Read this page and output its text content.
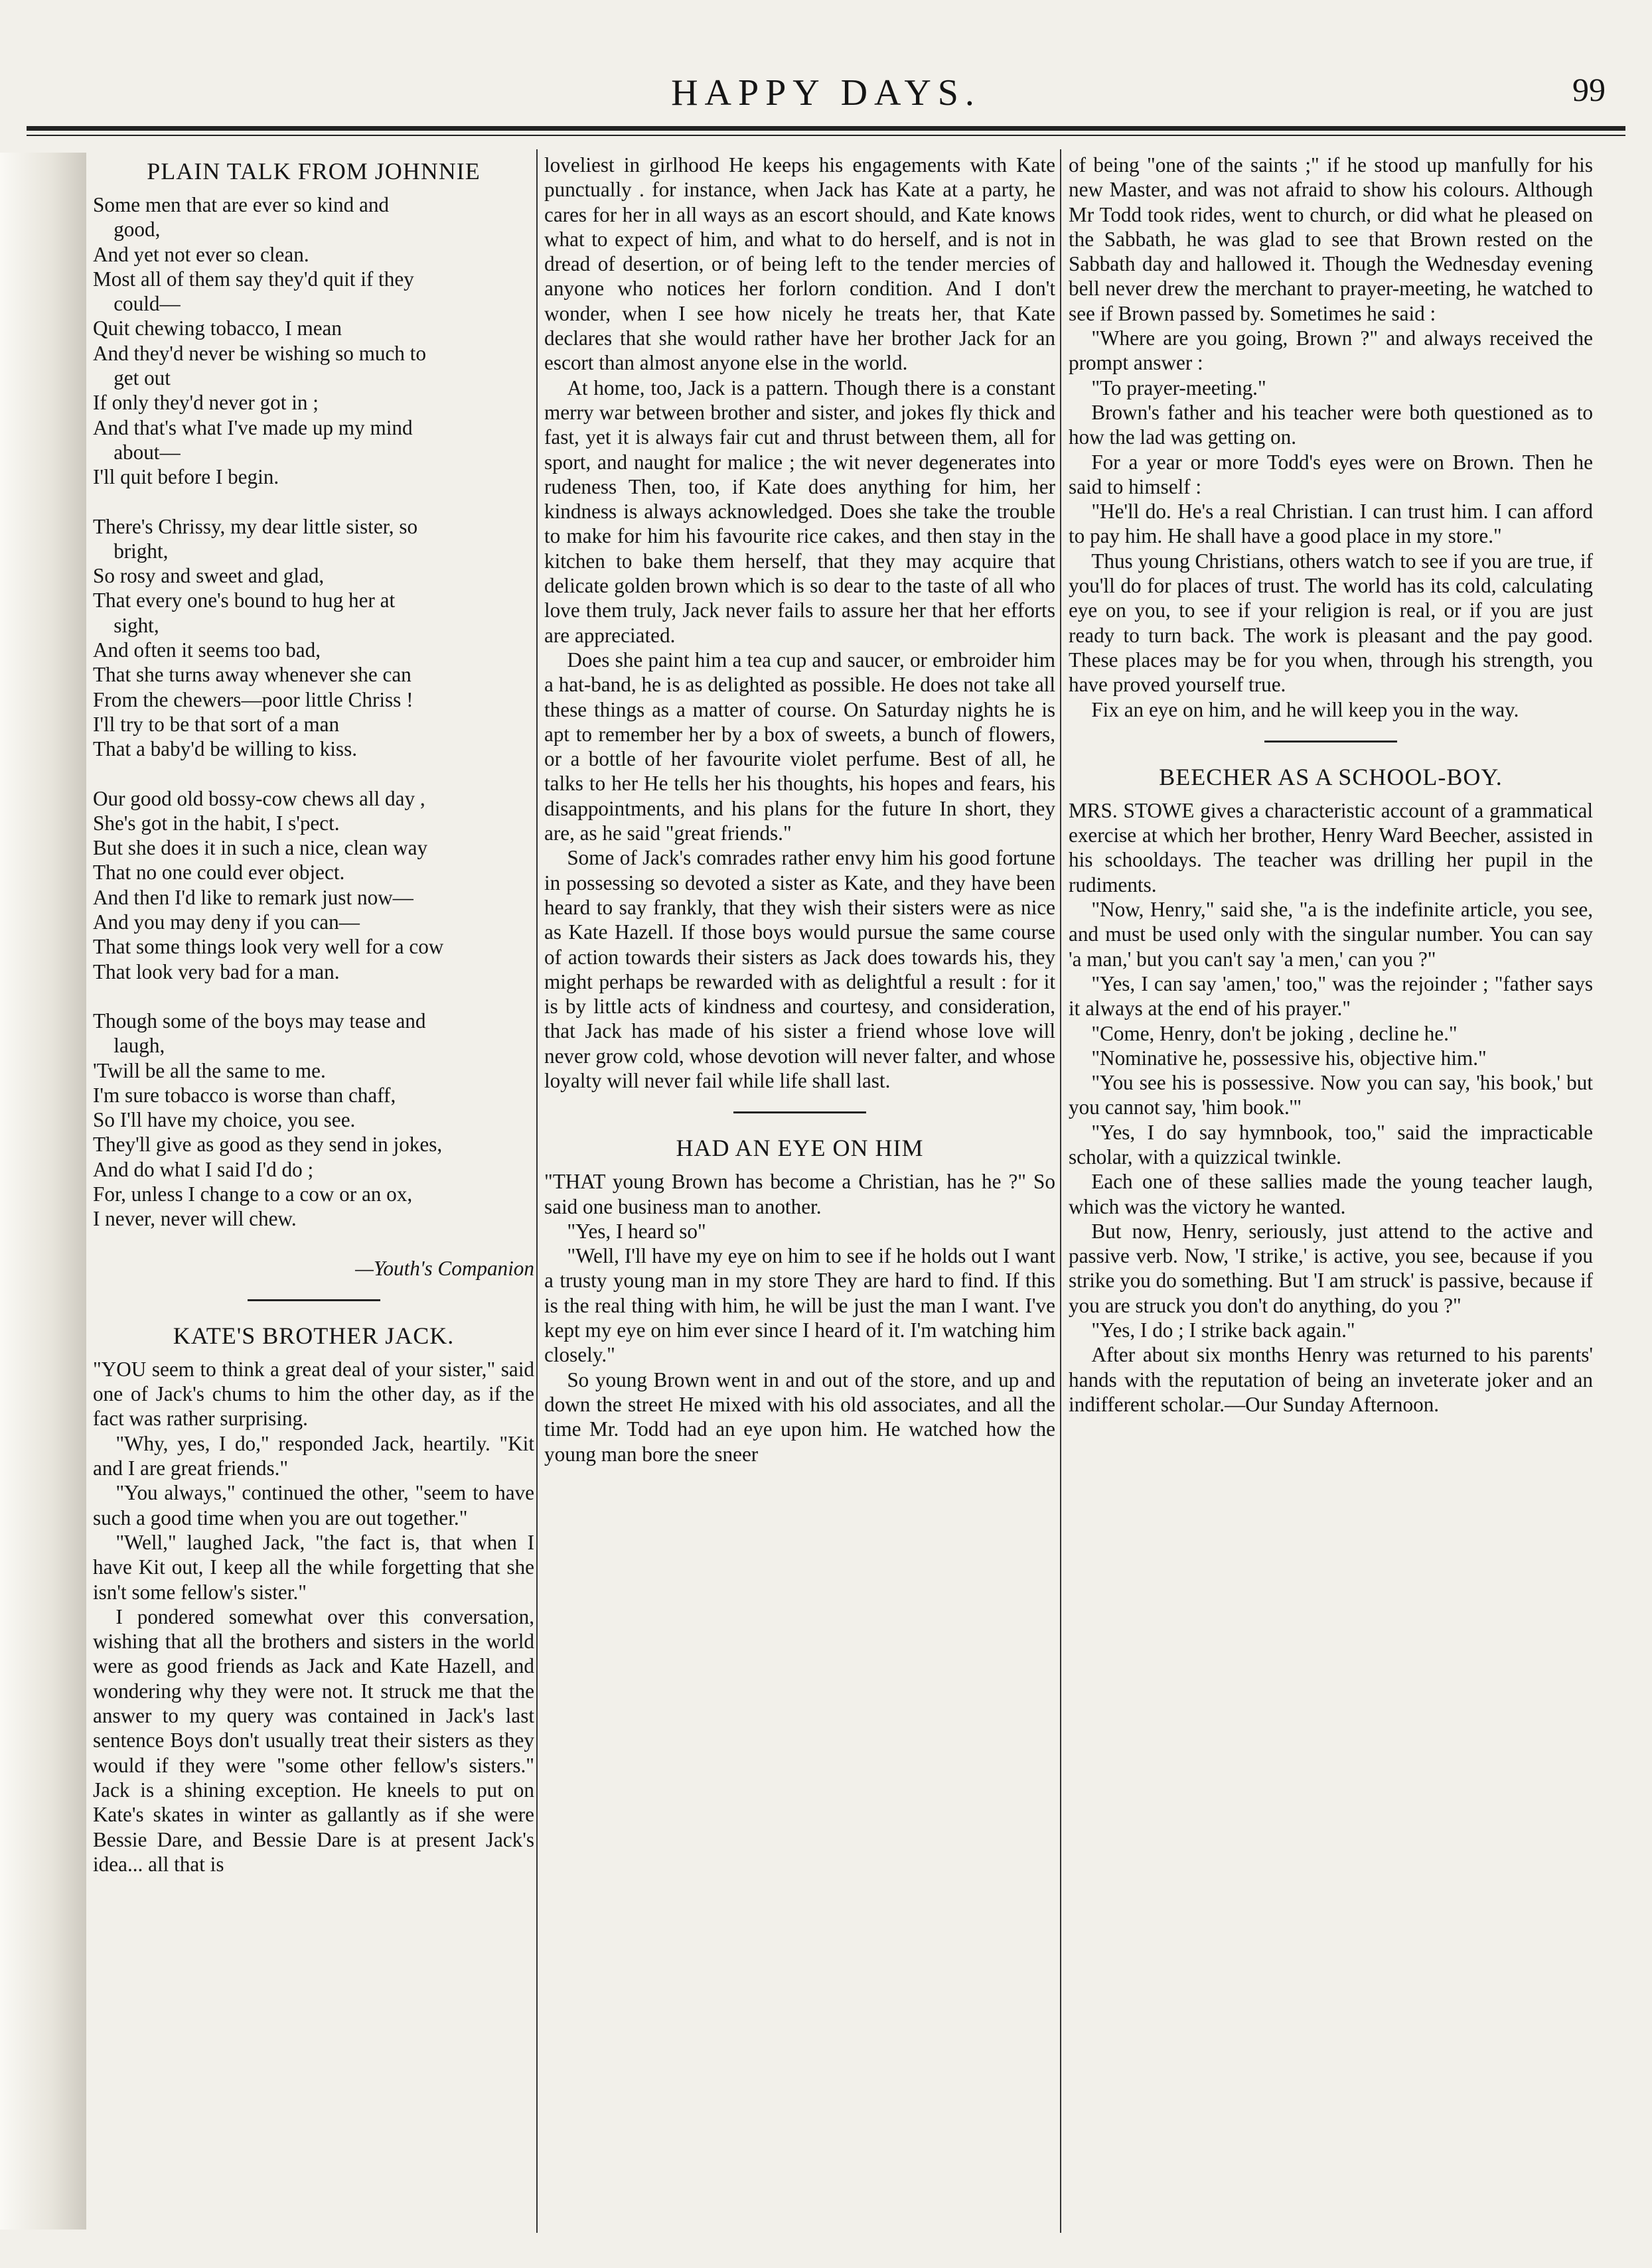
HAPPY DAYS.	99
PLAIN TALK FROM JOHNNIE
Some men that are ever so kind and
good,
And yet not ever so clean.
Most all of them say they'd quit if they
could—
Quit chewing tobacco, I mean
And they'd never be wishing so much to
get out
If only they'd never got in ;
And that's what I've made up my mind
about—
I'll quit before I begin.
There's Chrissy, my dear little sister, so
bright,
So rosy and sweet and glad,
That every one's bound to hug her at
sight,
And often it seems too bad,
That she turns away whenever she can
From the chewers—poor little Chriss !
I'll try to be that sort of a man
That a baby'd be willing to kiss.
Our good old bossy-cow chews all day ,
She's got in the habit, I s'pect.
But she does it in such a nice, clean way
That no one could ever object.
And then I'd like to remark just now—
And you may deny if you can—
That some things look very well for a cow
That look very bad for a man.
Though some of the boys may tease and
laugh,
'Twill be all the same to me.
I'm sure tobacco is worse than chaff,
So I'll have my choice, you see.
They'll give as good as they send in jokes,
And do what I said I'd do ;
For, unless I change to a cow or an ox,
I never, never will chew.
—Youth's Companion
KATE'S BROTHER JACK.

"YOU seem to think a great deal of your sister," said one of Jack's chums to him the other day, as if the fact was rather surprising.

"Why, yes, I do," responded Jack, heartily. "Kit and I are great friends."

"You always," continued the other, "seem to have such a good time when you are out together."

"Well," laughed Jack, "the fact is, that when I have Kit out, I keep all the while forgetting that she isn't some fellow's sister."

I pondered somewhat over this conversation, wishing that all the brothers and sisters in the world were as good friends as Jack and Kate Hazell, and wondering why they were not. It struck me that the answer to my query was contained in Jack's last sentence Boys don't usually treat their sisters as they would if they were "some other fellow's sisters." Jack is a shining exception. He kneels to put on Kate's skates in winter as gallantly as if she were Bessie Dare, and Bessie Dare is at present Jack's idea... all that is

loveliest in girlhood He keeps his engagements with Kate punctually . for instance, when Jack has Kate at a party, he cares for her in all ways as an escort should, and Kate knows what to expect of him, and what to do herself, and is not in dread of desertion, or of being left to the tender mercies of anyone who notices her forlorn condition. And I don't wonder, when I see how nicely he treats her, that Kate declares that she would rather have her brother Jack for an escort than almost anyone else in the world.

At home, too, Jack is a pattern. Though there is a constant merry war between brother and sister, and jokes fly thick and fast, yet it is always fair cut and thrust between them, all for sport, and naught for malice ; the wit never degenerates into rudeness Then, too, if Kate does anything for him, her kindness is always acknowledged. Does she take the trouble to make for him his favourite rice cakes, and then stay in the kitchen to bake them herself, that they may acquire that delicate golden brown which is so dear to the taste of all who love them truly, Jack never fails to assure her that her efforts are appreciated.

Does she paint him a tea cup and saucer, or embroider him a hat-band, he is as delighted as possible. He does not take all these things as a matter of course. On Saturday nights he is apt to remember her by a box of sweets, a bunch of flowers, or a bottle of her favourite violet perfume. Best of all, he talks to her He tells her his thoughts, his hopes and fears, his disappointments, and his plans for the future In short, they are, as he said "great friends."

Some of Jack's comrades rather envy him his good fortune in possessing so devoted a sister as Kate, and they have been heard to say frankly, that they wish their sisters were as nice as Kate Hazell. If those boys would pursue the same course of action towards their sisters as Jack does towards his, they might perhaps be rewarded with as delightful a result : for it is by little acts of kindness and courtesy, and consideration, that Jack has made of his sister a friend whose love will never grow cold, whose devotion will never falter, and whose loyalty will never fail while life shall last.

HAD AN EYE ON HIM

"THAT young Brown has become a Christian, has he ?" So said one business man to another.

"Yes, I heard so"

"Well, I'll have my eye on him to see if he holds out I want a trusty young man in my store They are hard to find. If this is the real thing with him, he will be just the man I want. I've kept my eye on him ever since I heard of it. I'm watching him closely."

So young Brown went in and out of the store, and up and down the street He mixed with his old associates, and all the time Mr. Todd had an eye upon him. He watched how the young man bore the sneer

of being "one of the saints ;" if he stood up manfully for his new Master, and was not afraid to show his colours. Although Mr Todd took rides, went to church, or did what he pleased on the Sabbath, he was glad to see that Brown rested on the Sabbath day and hallowed it. Though the Wednesday evening bell never drew the merchant to prayer-meeting, he watched to see if Brown passed by. Sometimes he said :

"Where are you going, Brown ?" and always received the prompt answer :

"To prayer-meeting."

Brown's father and his teacher were both questioned as to how the lad was getting on.

For a year or more Todd's eyes were on Brown. Then he said to himself :

"He'll do. He's a real Christian. I can trust him. I can afford to pay him. He shall have a good place in my store."

Thus young Christians, others watch to see if you are true, if you'll do for places of trust. The world has its cold, calculating eye on you, to see if your religion is real, or if you are just ready to turn back. The work is pleasant and the pay good. These places may be for you when, through his strength, you have proved yourself true.

Fix an eye on him, and he will keep you in the way.

BEECHER AS A SCHOOL-BOY.

MRS. STOWE gives a characteristic account of a grammatical exercise at which her brother, Henry Ward Beecher, assisted in his schooldays. The teacher was drilling her pupil in the rudiments.

"Now, Henry," said she, "a is the indefinite article, you see, and must be used only with the singular number. You can say 'a man,' but you can't say 'a men,' can you ?"

"Yes, I can say 'amen,' too," was the rejoinder ; "father says it always at the end of his prayer."

"Come, Henry, don't be joking , decline he."

"Nominative he, possessive his, objective him."

"You see his is possessive. Now you can say, 'his book,' but you cannot say, 'him book.'"

"Yes, I do say hymnbook, too," said the impracticable scholar, with a quizzical twinkle.

Each one of these sallies made the young teacher laugh, which was the victory he wanted.

But now, Henry, seriously, just attend to the active and passive verb. Now, 'I strike,' is active, you see, because if you strike you do something. But 'I am struck' is passive, because if you are struck you don't do anything, do you ?"

"Yes, I do ; I strike back again."

After about six months Henry was returned to his parents' hands with the reputation of being an inveterate joker and an indifferent scholar.—Our Sunday Afternoon.
